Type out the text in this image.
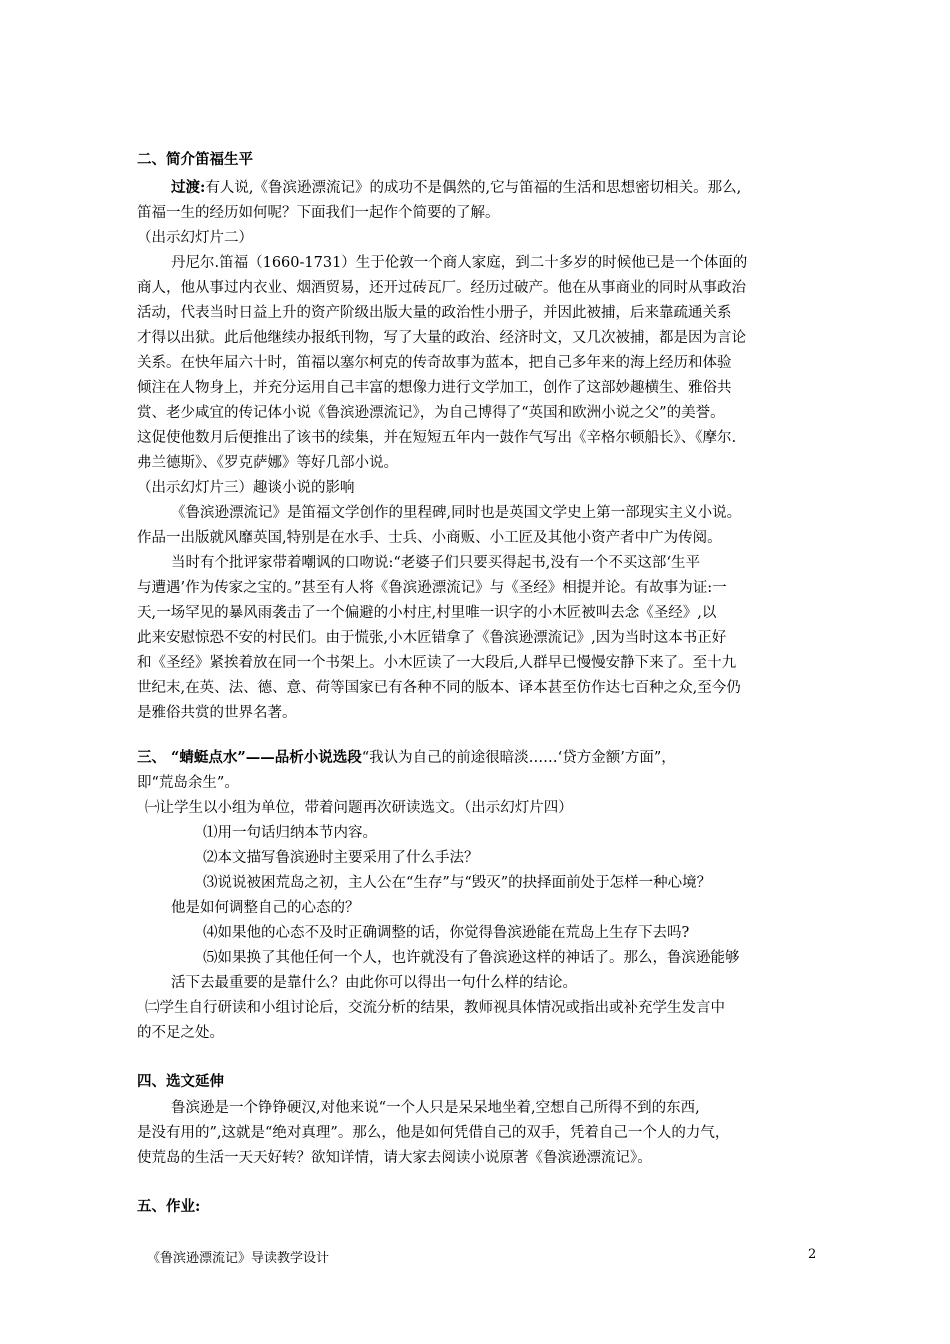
二、简介笛福生平
过渡:有人说,《鲁滨逊漂流记》的成功不是偶然的,它与笛福的生活和思想密切相关。那么,
笛福一生的经历如何呢？下面我们一起作个简要的了解。
（出示幻灯片二）
丹尼尔.笛福（1660-1731）生于伦敦一个商人家庭，到二十多岁的时候他已是一个体面的
商人，他从事过内衣业、烟酒贸易，还开过砖瓦厂。经历过破产。他在从事商业的同时从事政治
活动，代表当时日益上升的资产阶级出版大量的政治性小册子，并因此被捕，后来靠疏通关系
才得以出狱。此后他继续办报纸刊物，写了大量的政治、经济时文，又几次被捕，都是因为言论
关系。在快年届六十时，笛福以塞尔柯克的传奇故事为蓝本，把自己多年来的海上经历和体验
倾注在人物身上，并充分运用自己丰富的想像力进行文学加工，创作了这部妙趣横生、雅俗共
赏、老少咸宜的传记体小说《鲁滨逊漂流记》，为自己博得了“英国和欧洲小说之父”的美誉。
这促使他数月后便推出了该书的续集，并在短短五年内一鼓作气写出《辛格尔顿船长》、《摩尔.
弗兰德斯》、《罗克萨娜》等好几部小说。
（出示幻灯片三）趣谈小说的影响
《鲁滨逊漂流记》是笛福文学创作的里程碑,同时也是英国文学史上第一部现实主义小说。
作品一出版就风靡英国,特别是在水手、士兵、小商贩、小工匠及其他小资产者中广为传阅。
当时有个批评家带着嘲讽的口吻说:“老婆子们只要买得起书,没有一个不买这部‘生平
与遭遇’作为传家之宝的。”甚至有人将《鲁滨逊漂流记》与《圣经》相提并论。有故事为证:一
天,一场罕见的暴风雨袭击了一个偏避的小村庄,村里唯一识字的小木匠被叫去念《圣经》,以
此来安慰惊恐不安的村民们。由于慌张,小木匠错拿了《鲁滨逊漂流记》,因为当时这本书正好
和《圣经》紧挨着放在同一个书架上。小木匠读了一大段后,人群早已慢慢安静下来了。至十九
世纪末,在英、法、德、意、荷等国家已有各种不同的版本、译本甚至仿作达七百种之众,至今仍
是雅俗共赏的世界名著。
三、 “蜻蜓点水”——品析小说选段“我认为自己的前途很暗淡……‘贷方金额’方面”，
即“荒岛余生”。
㈠让学生以小组为单位，带着问题再次研读选文。（出示幻灯片四）
⑴用一句话归纳本节内容。
⑵本文描写鲁滨逊时主要采用了什么手法？
⑶说说被困荒岛之初，主人公在“生存”与“毁灭”的抉择面前处于怎样一种心境？
他是如何调整自己的心态的？
⑷如果他的心态不及时正确调整的话，你觉得鲁滨逊能在荒岛上生存下去吗?
⑸如果换了其他任何一个人，也许就没有了鲁滨逊这样的神话了。那么，鲁滨逊能够
活下去最重要的是靠什么？由此你可以得出一句什么样的结论。
㈡学生自行研读和小组讨论后，交流分析的结果，教师视具体情况或指出或补充学生发言中
的不足之处。
四、选文延伸
鲁滨逊是一个铮铮硬汉,对他来说“一个人只是呆呆地坐着,空想自己所得不到的东西,
是没有用的”,这就是“绝对真理”。那么，他是如何凭借自己的双手，凭着自己一个人的力气，
使荒岛的生活一天天好转？欲知详情，请大家去阅读小说原著《鲁滨逊漂流记》。
五、作业:
《鲁滨逊漂流记》导读教学设计	2
